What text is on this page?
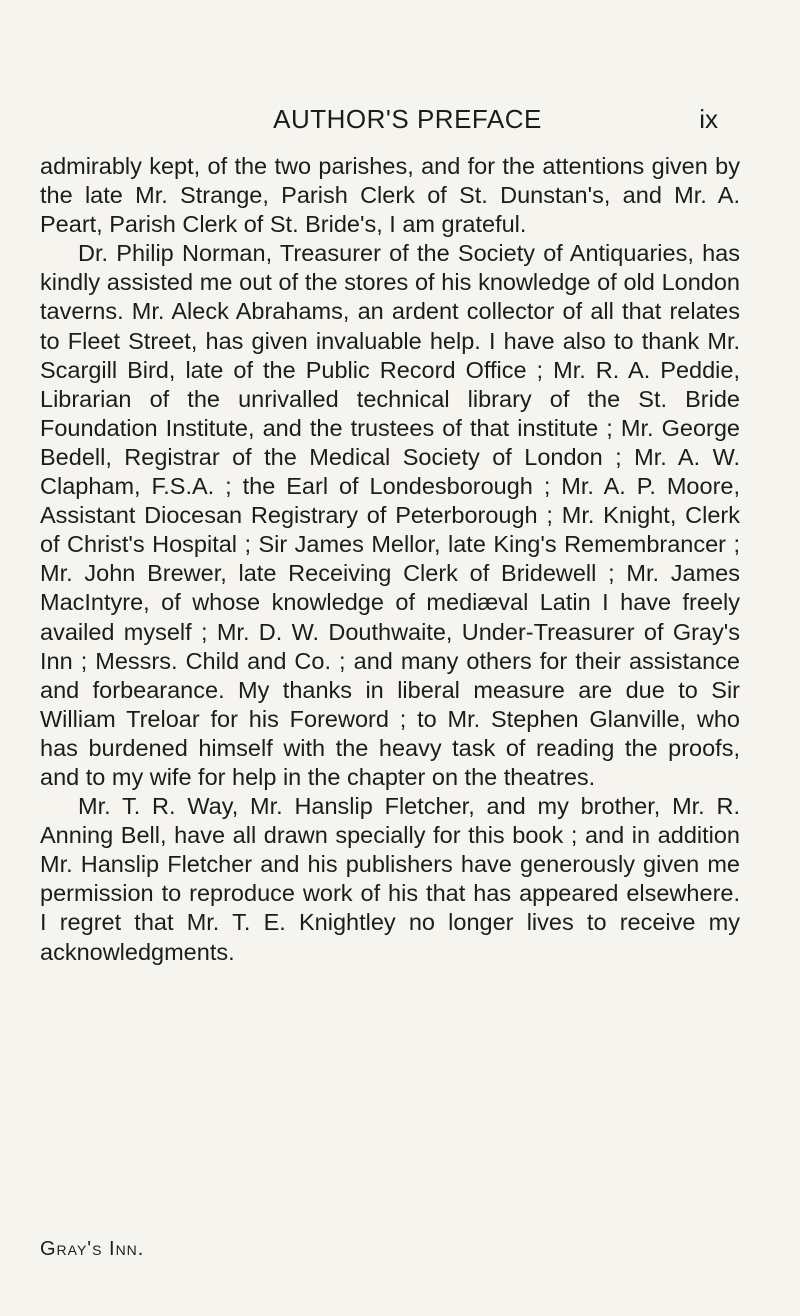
AUTHOR'S PREFACE	ix

admirably kept, of the two parishes, and for the attentions given by the late Mr. Strange, Parish Clerk of St. Dunstan's, and Mr. A. Peart, Parish Clerk of St. Bride's, I am grateful.

Dr. Philip Norman, Treasurer of the Society of Antiquaries, has kindly assisted me out of the stores of his knowledge of old London taverns. Mr. Aleck Abrahams, an ardent collector of all that relates to Fleet Street, has given invaluable help. I have also to thank Mr. Scargill Bird, late of the Public Record Office ; Mr. R. A. Peddie, Librarian of the unrivalled technical library of the St. Bride Foundation Institute, and the trustees of that institute ; Mr. George Bedell, Registrar of the Medical Society of London ; Mr. A. W. Clapham, F.S.A. ; the Earl of Londesborough ; Mr. A. P. Moore, Assistant Diocesan Registrary of Peterborough ; Mr. Knight, Clerk of Christ's Hospital ; Sir James Mellor, late King's Remembrancer ; Mr. John Brewer, late Receiving Clerk of Bridewell ; Mr. James MacIntyre, of whose knowledge of mediæval Latin I have freely availed myself ; Mr. D. W. Douthwaite, Under-Treasurer of Gray's Inn ; Messrs. Child and Co. ; and many others for their assistance and forbearance. My thanks in liberal measure are due to Sir William Treloar for his Foreword ; to Mr. Stephen Glanville, who has burdened himself with the heavy task of reading the proofs, and to my wife for help in the chapter on the theatres.

Mr. T. R. Way, Mr. Hanslip Fletcher, and my brother, Mr. R. Anning Bell, have all drawn specially for this book ; and in addition Mr. Hanslip Fletcher and his publishers have generously given me permission to reproduce work of his that has appeared elsewhere. I regret that Mr. T. E. Knightley no longer lives to receive my acknowledgments.

Gray's Inn.
